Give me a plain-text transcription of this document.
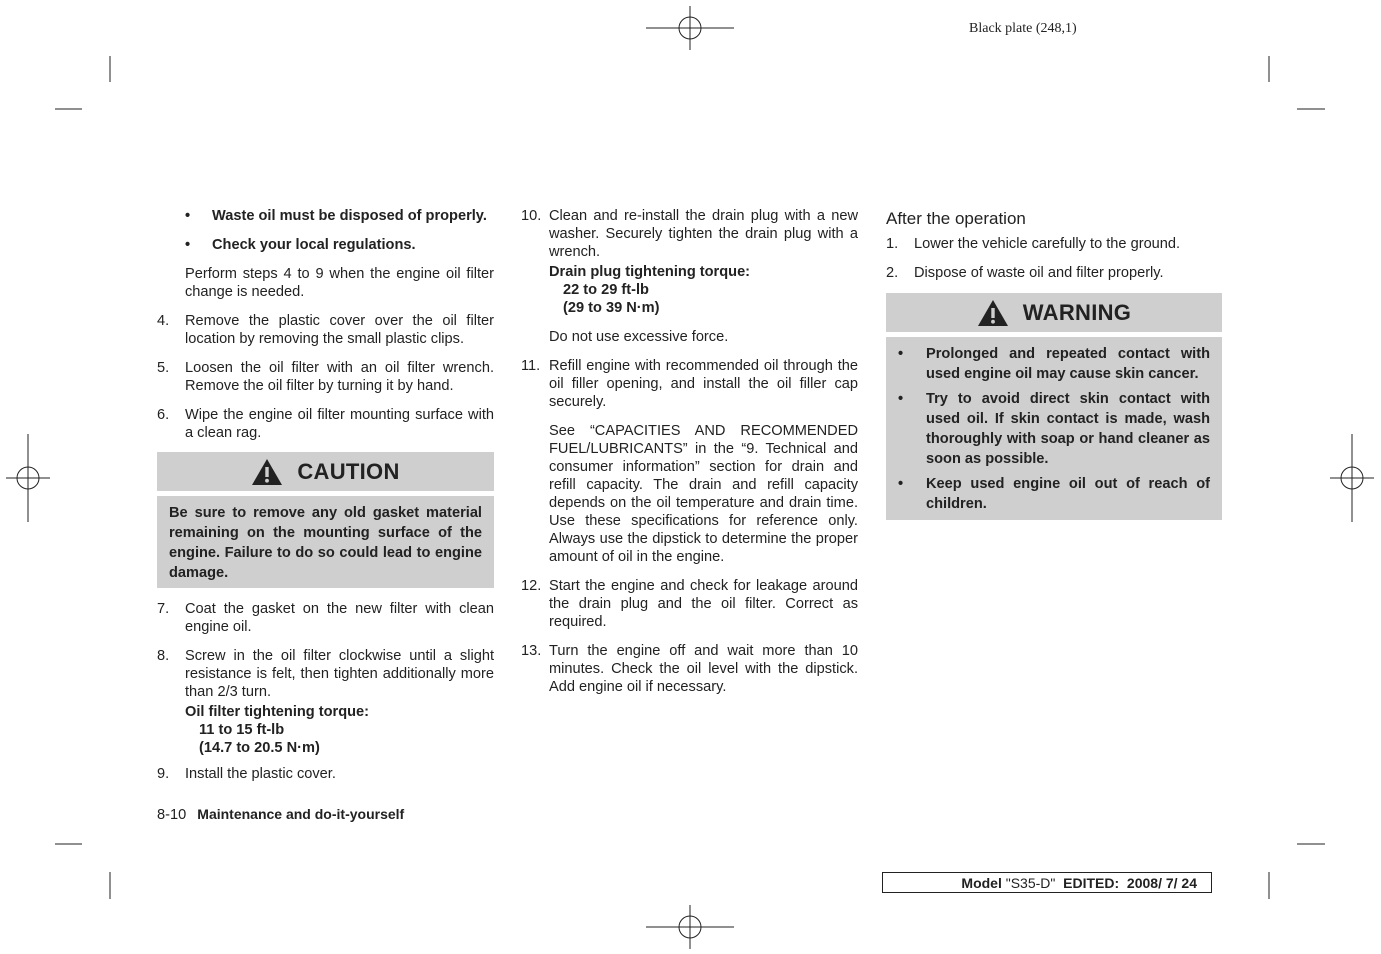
Black plate (248,1)
• Waste oil must be disposed of properly.
• Check your local regulations.
Perform steps 4 to 9 when the engine oil filter change is needed.
4. Remove the plastic cover over the oil filter location by removing the small plastic clips.
5. Loosen the oil filter with an oil filter wrench. Remove the oil filter by turning it by hand.
6. Wipe the engine oil filter mounting surface with a clean rag.
CAUTION
Be sure to remove any old gasket material remaining on the mounting surface of the engine. Failure to do so could lead to engine damage.
7. Coat the gasket on the new filter with clean engine oil.
8. Screw in the oil filter clockwise until a slight resistance is felt, then tighten additionally more than 2/3 turn.
Oil filter tightening torque:
11 to 15 ft-lb
(14.7 to 20.5 N·m)
9. Install the plastic cover.
10. Clean and re-install the drain plug with a new washer. Securely tighten the drain plug with a wrench.
Drain plug tightening torque:
22 to 29 ft-lb
(29 to 39 N·m)
Do not use excessive force.
11. Refill engine with recommended oil through the oil filler opening, and install the oil filler cap securely.
See “CAPACITIES AND RECOMMENDED FUEL/LUBRICANTS” in the “9. Technical and consumer information” section for drain and refill capacity. The drain and refill capacity depends on the oil temperature and drain time. Use these specifications for reference only. Always use the dipstick to determine the proper amount of oil in the engine.
12. Start the engine and check for leakage around the drain plug and the oil filter. Correct as required.
13. Turn the engine off and wait more than 10 minutes. Check the oil level with the dipstick. Add engine oil if necessary.
After the operation
1. Lower the vehicle carefully to the ground.
2. Dispose of waste oil and filter properly.
WARNING
• Prolonged and repeated contact with used engine oil may cause skin cancer.
• Try to avoid direct skin contact with used oil. If skin contact is made, wash thoroughly with soap or hand cleaner as soon as possible.
• Keep used engine oil out of reach of children.
8-10 Maintenance and do-it-yourself
Model "S35-D" EDITED:  2008/ 7/ 24
